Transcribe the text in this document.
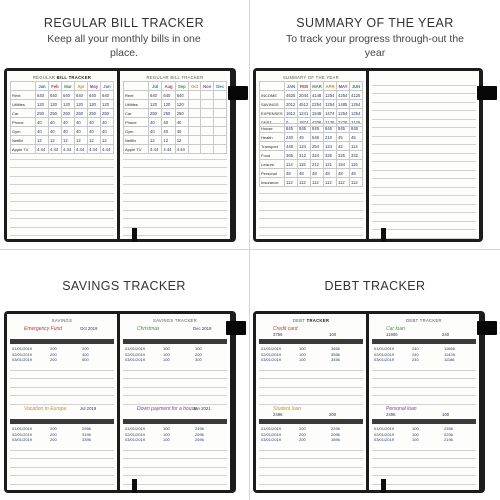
REGULAR BILL TRACKER
Keep all your monthly bills in one place.
REGULAR BILL TRACKER
	Jan	Feb	Mar	Apr	May	Jun
Rent	640	640	640	640	640	640
Utilities	120	120	120	120	120	120
Car	250	250	250	250	250	250
Phone	40	40	40	40	40	40
Gym	40	40	40	40	40	40
Netflix	12	12	12	12	12	12
Apple TV	4.44	4.44	4.44	4.44	4.44	4.44
REGULAR BILL TRACKER
	Jul	Aug	Sep	Oct	Nov	Dec
Rent	640	640	640			
Utilities	120	120	120			
Car	250	250	250			
Phone	40	40	40			
Gym	40	40	40			
Netflix	12	12	12			
Apple TV	4.44	4.44	4.44			
SUMMARY OF THE YEAR
To track your progress through-out the year
SUMMARY OF THE YEAR
	JAN	FEB	MAR	APR	MAY	JUN
INCOME	4625	2044	4148	1254	4254	4125
SAVINGS	2012	4512	2254	1254	1485	1254
EXPENSES	1612	1241	1548	1474	1254	1254
DEBT	0	1874	4706	2136	2226	2126
House	845	845	845	845	845	845
Health	240	45	548	210	45	45
Transport	448	124	254	124	42	114
Food	365	312	324	326	325	332
Leisure	114	115	212	121	154	116
Personal	48	48	48	48	48	48
Insurance	112	112	112	112	112	112
SAVINGS TRACKER
SAVINGS
Emergency Fund	Oct 2019
01/01/2019	200	200
02/01/2019	200	400
03/01/2019	200	600
Vacation to Europe	Jul 2019
01/01/2019	200	2996
02/01/2019	200	3196
03/01/2019	200	3396
SAVINGS TRACKER
Christmas	Dec 2019
01/01/2019	100	100
02/01/2019	100	200
03/01/2019	100	300
Down payment for a house
Jan 2021
01/01/2019	100	2496
02/01/2019	100	2596
03/01/2019	100	2696
DEBT TRACKER
DEBT TRACKER
Credit card
3756	100
01/01/2019	100	3656
02/01/2019	100	3556
03/01/2019	100	3456
Student loan
2496	200
01/01/2019	200	2296
02/01/2019	200	2096
03/01/2019	200	1896
DEBT TRACKER
Car loan
11906	240
01/01/2019	240	11666
02/01/2019	240	11426
03/01/2019	240	11186
Personal loan
2496	100
01/01/2019	100	2396
02/01/2019	100	2296
03/01/2019	100	2196
